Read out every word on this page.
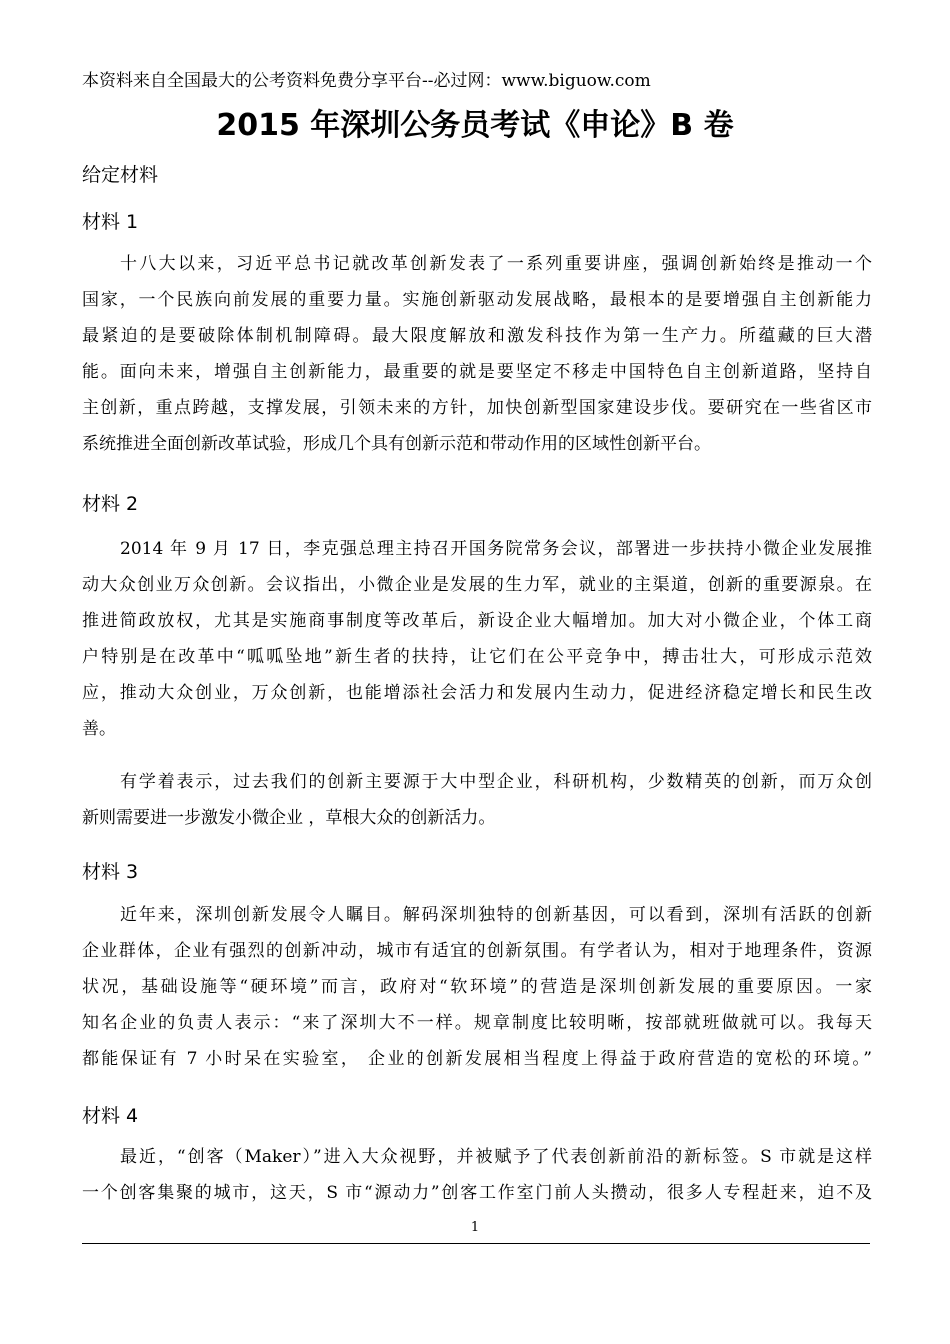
本资料来自全国最大的公考资料免费分享平台--必过网：www.biguow.com
2015 年深圳公务员考试《申论》B 卷
给定材料
材料 1
十八大以来，习近平总书记就改革创新发表了一系列重要讲座，强调创新始终是推动一个
国家，一个民族向前发展的重要力量。实施创新驱动发展战略，最根本的是要增强自主创新能力
最紧迫的是要破除体制机制障碍。最大限度解放和激发科技作为第一生产力。所蕴藏的巨大潜
能。面向未来，增强自主创新能力，最重要的就是要坚定不移走中国特色自主创新道路，坚持自
主创新，重点跨越，支撑发展，引领未来的方针，加快创新型国家建设步伐。要研究在一些省区市
系统推进全面创新改革试验，形成几个具有创新示范和带动作用的区域性创新平台。
材料 2
2014 年 9 月 17 日，李克强总理主持召开国务院常务会议，部署进一步扶持小微企业发展推
动大众创业万众创新。会议指出，小微企业是发展的生力军，就业的主渠道，创新的重要源泉。在
推进简政放权，尤其是实施商事制度等改革后，新设企业大幅增加。加大对小微企业，个体工商
户特别是在改革中“呱呱坠地”新生者的扶持，让它们在公平竞争中，搏击壮大，可形成示范效
应，推动大众创业，万众创新，也能增添社会活力和发展内生动力，促进经济稳定增长和民生改
善。
有学着表示，过去我们的创新主要源于大中型企业，科研机构，少数精英的创新，而万众创
新则需要进一步激发小微企业 ，草根大众的创新活力。
材料 3
近年来，深圳创新发展令人瞩目。解码深圳独特的创新基因，可以看到，深圳有活跃的创新
企业群体，企业有强烈的创新冲动，城市有适宜的创新氛围。有学者认为，相对于地理条件，资源
状况，基础设施等“硬环境”而言，政府对“软环境”的营造是深圳创新发展的重要原因。一家
知名企业的负责人表示：“来了深圳大不一样。规章制度比较明晰，按部就班做就可以。我每天
都能保证有 7 小时呆在实验室， 企业的创新发展相当程度上得益于政府营造的宽松的环境。”
材料 4
最近，“创客（Maker）”进入大众视野，并被赋予了代表创新前沿的新标签。S 市就是这样
一个创客集聚的城市，这天，S 市“源动力”创客工作室门前人头攒动，很多人专程赶来，迫不及
1
